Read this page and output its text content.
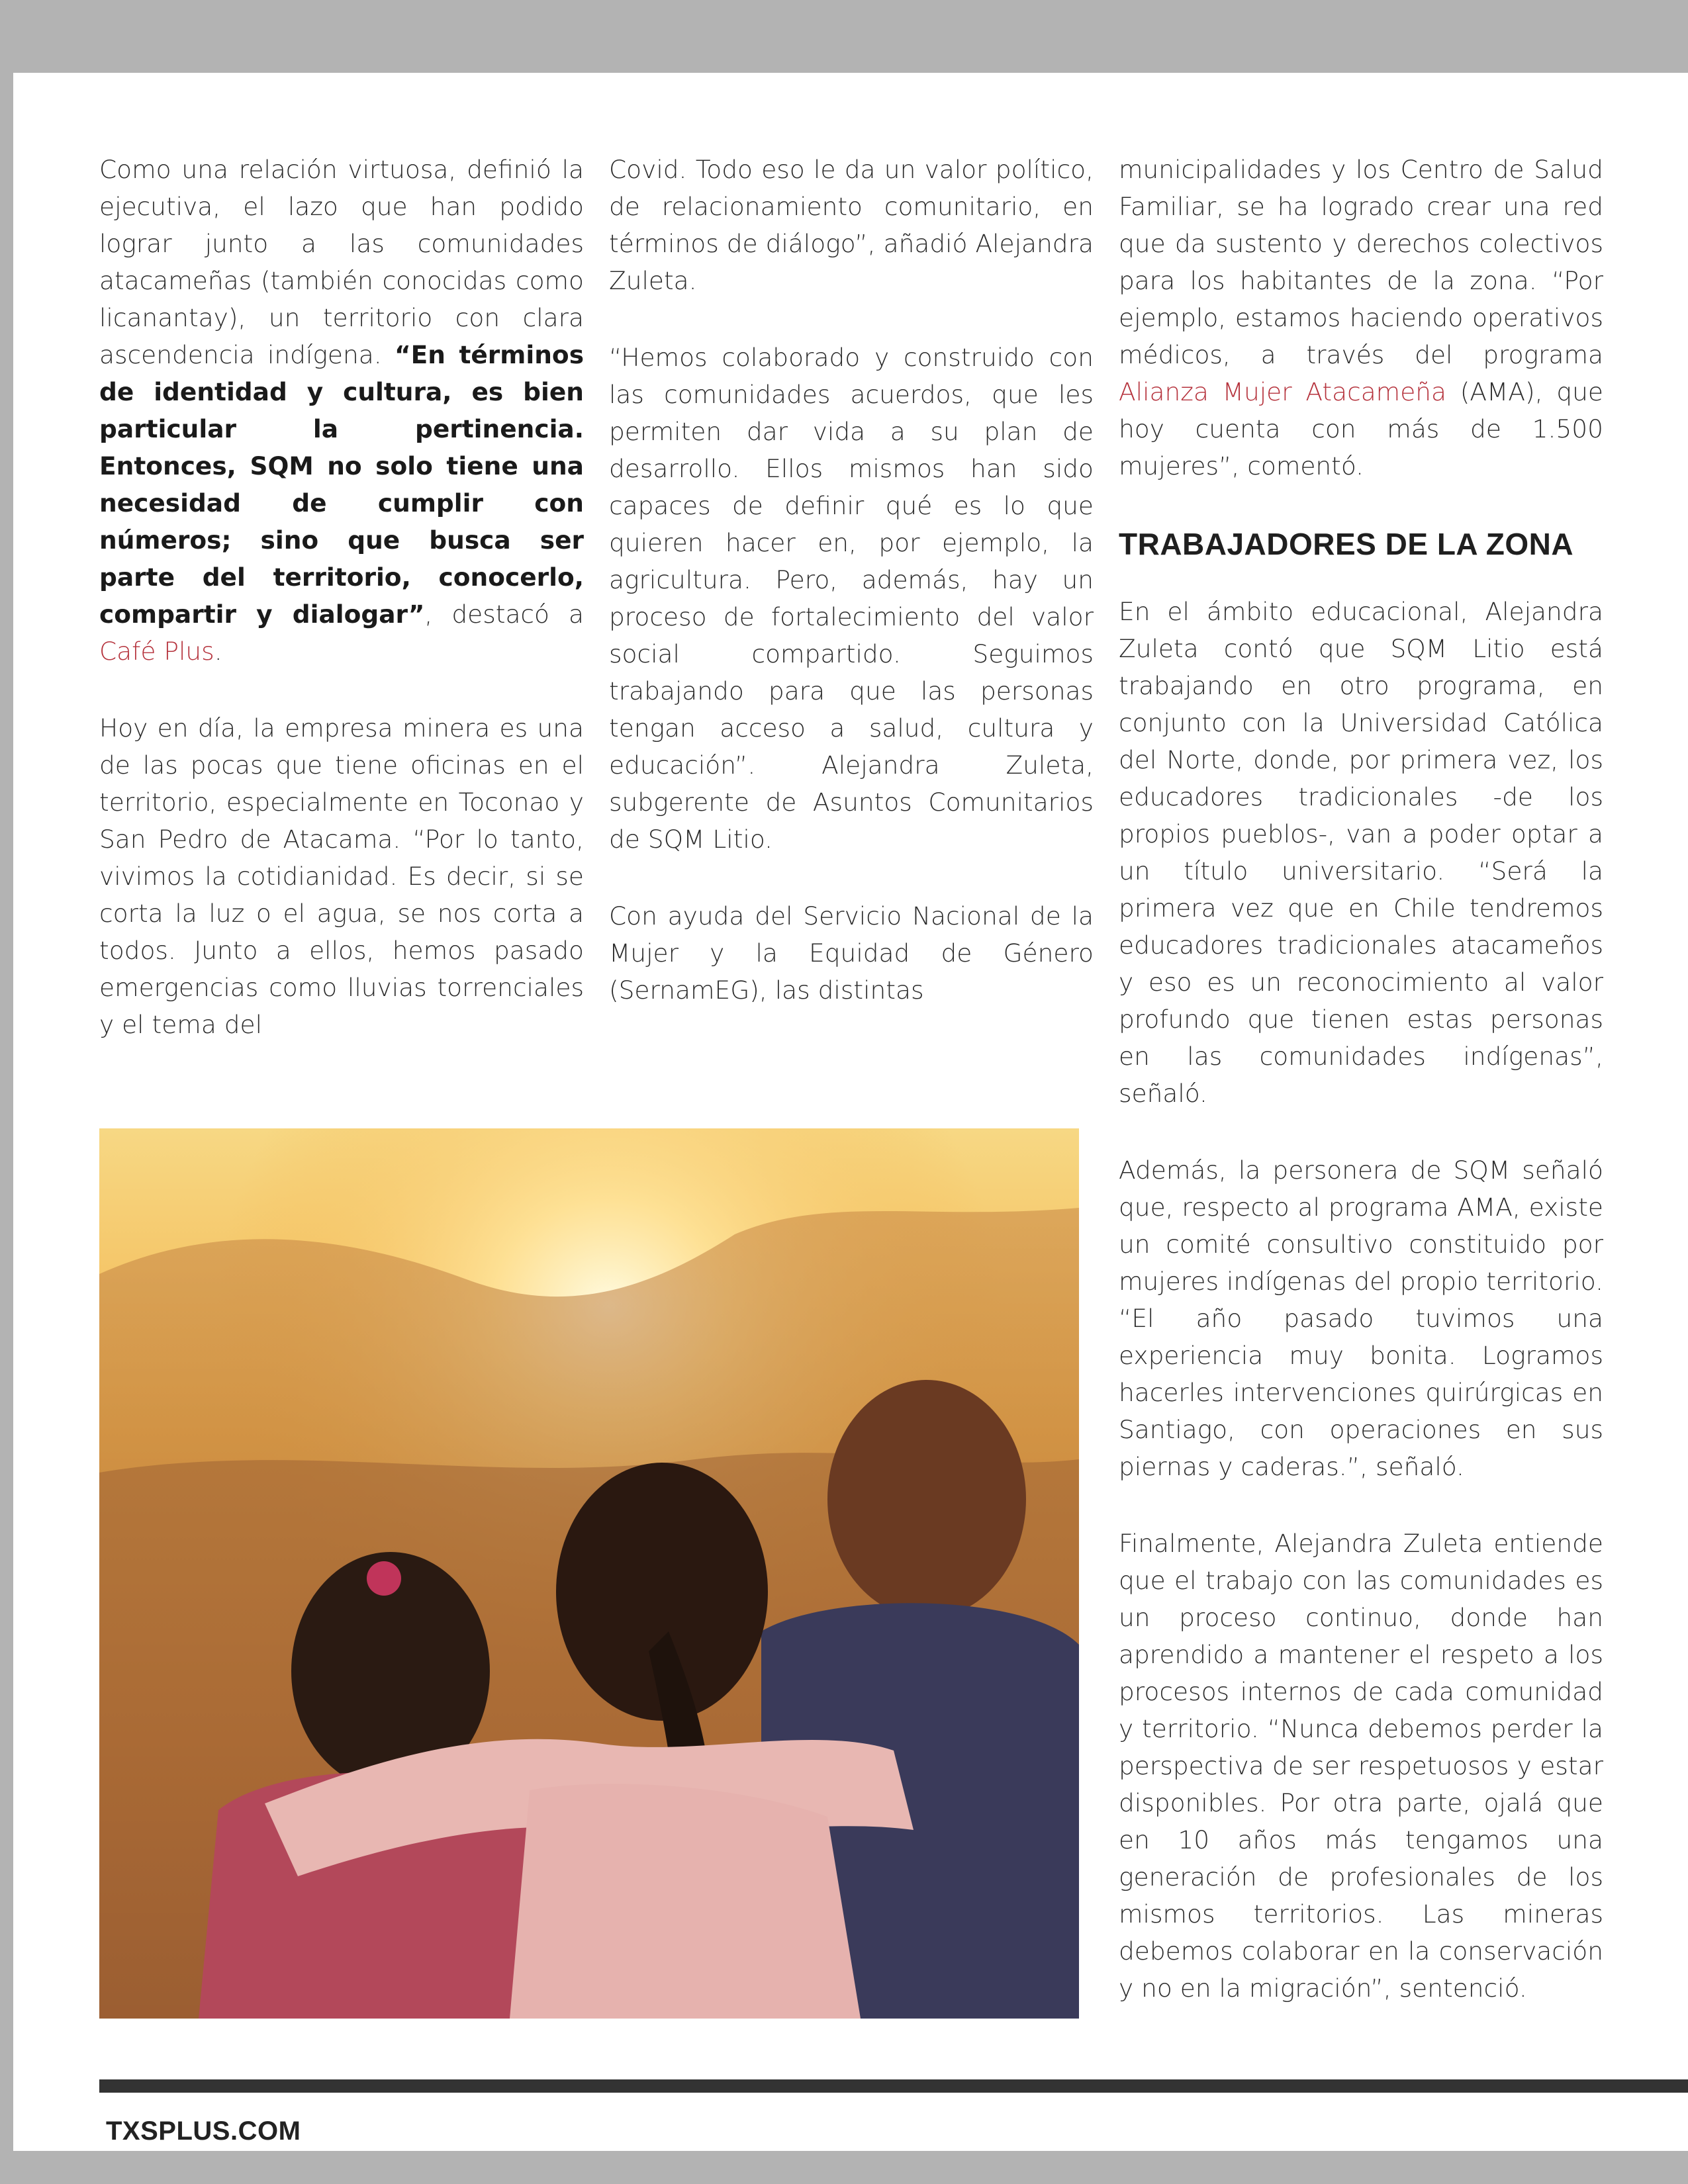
Como una relación virtuosa, definió la ejecutiva, el lazo que han podido lograr junto a las comunidades atacameñas (también conocidas como licanantay), un territorio con clara ascendencia indígena. “En términos de identidad y cultura, es bien particular la pertinencia. Entonces, SQM no solo tiene una necesidad de cumplir con números; sino que busca ser parte del territorio, conocerlo, compartir y dialogar”, destacó a Café Plus.

Hoy en día, la empresa minera es una de las pocas que tiene oficinas en el territorio, especialmente en Toconao y San Pedro de Atacama. “Por lo tanto, vivimos la cotidianidad. Es decir, si se corta la luz o el agua, se nos corta a todos. Junto a ellos, hemos pasado emergencias como lluvias torrenciales y el tema del

Covid. Todo eso le da un valor político, de relacionamiento comunitario, en términos de diálogo”, añadió Alejandra Zuleta.

“Hemos colaborado y construido con las comunidades acuerdos, que les permiten dar vida a su plan de desarrollo. Ellos mismos han sido capaces de definir qué es lo que quieren hacer en, por ejemplo, la agricultura. Pero, además, hay un proceso de fortalecimiento del valor social compartido. Seguimos trabajando para que las personas tengan acceso a salud, cultura y educación”. Alejandra Zuleta, subgerente de Asuntos Comunitarios de SQM Litio.

Con ayuda del Servicio Nacional de la Mujer y la Equidad de Género (SernamEG), las distintas

municipalidades y los Centro de Salud Familiar, se ha logrado crear una red que da sustento y derechos colectivos para los habitantes de la zona. “Por ejemplo, estamos haciendo operativos médicos, a través del programa Alianza Mujer Atacameña (AMA), que hoy cuenta con más de 1.500 mujeres”, comentó.

TRABAJADORES DE LA ZONA

En el ámbito educacional, Alejandra Zuleta contó que SQM Litio está trabajando en otro programa, en conjunto con la Universidad Católica del Norte, donde, por primera vez, los educadores tradicionales -de los propios pueblos-, van a poder optar a un título universitario. “Será la primera vez que en Chile tendremos educadores tradicionales atacameños y eso es un reconocimiento al valor profundo que tienen estas personas en las comunidades indígenas”, señaló.

Además, la personera de SQM señaló que, respecto al programa AMA, existe un comité consultivo constituido por mujeres indígenas del propio territorio. “El año pasado tuvimos una experiencia muy bonita. Logramos hacerles intervenciones quirúrgicas en Santiago, con operaciones en sus piernas y caderas.”, señaló.

Finalmente, Alejandra Zuleta entiende que el trabajo con las comunidades es un proceso continuo, donde han aprendido a mantener el respeto a los procesos internos de cada comunidad y territorio. “Nunca debemos perder la perspectiva de ser respetuosos y estar disponibles. Por otra parte, ojalá que en 10 años más tengamos una generación de profesionales de los mismos territorios. Las mineras debemos colaborar en la conservación y no en la migración”, sentenció.

TXSPLUS.COM
